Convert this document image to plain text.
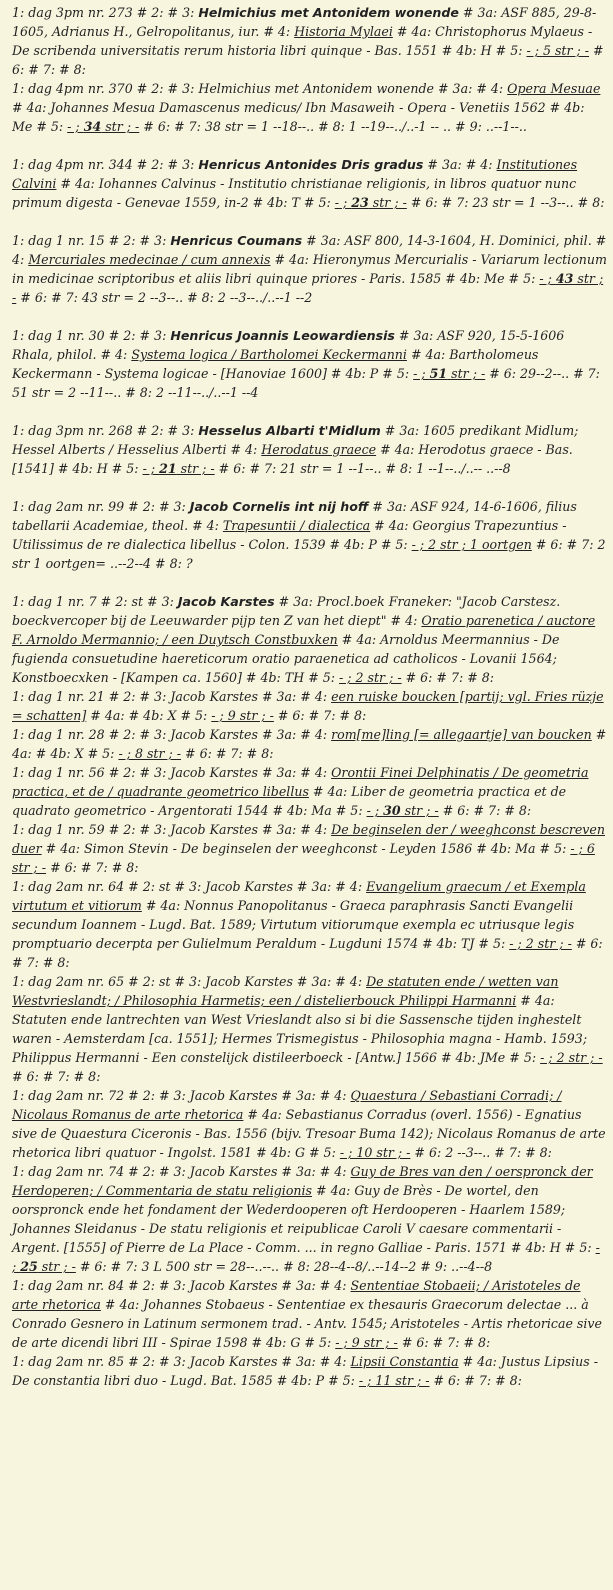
1: dag 3pm nr. 273 # 2: # 3: Helmichius met Antonidem wonende # 3a: ASF 885, 29-8-1605, Adrianus H., Gelropolitanus, iur. # 4: Historia Mylaei # 4a: Christophorus Mylaeus - De scribenda universitatis rerum historia libri quinque - Bas. 1551 # 4b: H # 5: - ; 5 str ; - # 6: # 7: # 8:

1: dag 4pm nr. 370 # 2: # 3: Helmichius met Antonidem wonende # 3a: # 4: Opera Mesuae # 4a: Johannes Mesua Damascenus medicus/ Ibn Masaweih - Opera - Venetiis 1562 # 4b: Me # 5: - ; 34 str ; - # 6: # 7: 38 str = 1 --18--.. # 8: 1 --19--../..-1 -- .. # 9: ..--1--..

1: dag 4pm nr. 344 # 2: # 3: Henricus Antonides Dris gradus # 3a: # 4: Institutiones Calvini # 4a: Iohannes Calvinus - Institutio christianae religionis, in libros quatuor nunc primum digesta - Genevae 1559, in-2 # 4b: T # 5: - ; 23 str ; - # 6: # 7: 23 str = 1 --3--.. # 8:

1: dag 1 nr. 15 # 2: # 3: Henricus Coumans # 3a: ASF 800, 14-3-1604, H. Dominici, phil. # 4: Mercuriales medecinae / cum annexis # 4a: Hieronymus Mercurialis - Variarum lectionum in medicinae scriptoribus et aliis libri quinque priores - Paris. 1585 # 4b: Me # 5: - ; 43 str ; - # 6: # 7: 43 str = 2 --3--.. # 8: 2 --3--../..--1 --2

1: dag 1 nr. 30 # 2: # 3: Henricus Joannis Leowardiensis # 3a: ASF 920, 15-5-1606 Rhala, philol. # 4: Systema logica / Bartholomei Keckermanni # 4a: Bartholomeus Keckermann - Systema logicae - [Hanoviae 1600] # 4b: P # 5: - ; 51 str ; - # 6: 29--2--.. # 7: 51 str = 2 --11--.. # 8: 2 --11--../..--1 --4

1: dag 3pm nr. 268 # 2: # 3: Hesselus Albarti t'Midlum # 3a: 1605 predikant Midlum; Hessel Alberts / Hesselius Alberti # 4: Herodatus graece # 4a: Herodotus graece - Bas. [1541] # 4b: H # 5: - ; 21 str ; - # 6: # 7: 21 str = 1 --1--.. # 8: 1 --1--../..-- ..--8

1: dag 2am nr. 99 # 2: # 3: Jacob Cornelis int nij hoff # 3a: ASF 924, 14-6-1606, filius tabellarii Academiae, theol. # 4: Trapesuntii / dialectica # 4a: Georgius Trapezuntius - Utilissimus de re dialectica libellus - Colon. 1539 # 4b: P # 5: - ; 2 str ; 1 oortgen # 6: # 7: 2 str 1 oortgen= ..--2--4 # 8: ?

1: dag 1 nr. 7 # 2: st # 3: Jacob Karstes # 3a: Procl.boek Franeker: "Jacob Carstesz. boeckvercoper bij de Leeuwarder pijp ten Z van het diept" # 4: Oratio parenetica / auctore F. Arnoldo Mermannio; / een Duytsch Constbuxken # 4a: Arnoldus Meermannius - De fugienda consuetudine haereticorum oratio paraenetica ad catholicos - Lovanii 1564; Konstboecxken - [Kampen ca. 1560] # 4b: TH # 5: - ; 2 str ; - # 6: # 7: # 8:

1: dag 1 nr. 21 # 2: # 3: Jacob Karstes # 3a: # 4: een ruiske boucken [partij; vgl. Fries rüzje = schatten] # 4a: # 4b: X # 5: - ; 9 str ; - # 6: # 7: # 8:

1: dag 1 nr. 28 # 2: # 3: Jacob Karstes # 3a: # 4: rom[me]ling [= allegaartje] van boucken # 4a: # 4b: X # 5: - ; 8 str ; - # 6: # 7: # 8:

1: dag 1 nr. 56 # 2: # 3: Jacob Karstes # 3a: # 4: Orontii Finei Delphinatis / De geometria practica, et de / quadrante geometrico libellus # 4a: Liber de geometria practica et de quadrato geometrico - Argentorati 1544 # 4b: Ma # 5: - ; 30 str ; - # 6: # 7: # 8:

1: dag 1 nr. 59 # 2: # 3: Jacob Karstes # 3a: # 4: De beginselen der / weeghconst bescreven duer # 4a: Simon Stevin - De beginselen der weeghconst - Leyden 1586 # 4b: Ma # 5: - ; 6 str ; - # 6: # 7: # 8:

1: dag 2am nr. 64 # 2: st # 3: Jacob Karstes # 3a: # 4: Evangelium graecum / et Exempla virtutum et vitiorum # 4a: Nonnus Panopolitanus - Graeca paraphrasis Sancti Evangelii secundum Ioannem - Lugd. Bat. 1589; Virtutum vitiorumque exempla ec utriusque legis promptuario decerpta per Gulielmum Peraldum - Lugduni 1574 # 4b: TJ # 5: - ; 2 str ; - # 6: # 7: # 8:

1: dag 2am nr. 65 # 2: st # 3: Jacob Karstes # 3a: # 4: De statuten ende / wetten van Westvrieslandt; / Philosophia Harmetis; een / distelierbouck Philippi Harmanni # 4a: Statuten ende lantrechten van West Vrieslandt also si bi die Sassensche tijden inghestelt waren - Aemsterdam [ca. 1551]; Hermes Trismegistus - Philosophia magna - Hamb. 1593; Philippus Hermanni - Een constelijck distileerboeck - [Antw.] 1566 # 4b: JMe # 5: - ; 2 str ; - # 6: # 7: # 8:

1: dag 2am nr. 72 # 2: # 3: Jacob Karstes # 3a: # 4: Quaestura / Sebastiani Corradi; / Nicolaus Romanus de arte rhetorica # 4a: Sebastianus Corradus (overl. 1556) - Egnatius sive de Quaestura Ciceronis - Bas. 1556 (bijv. Tresoar Buma 142); Nicolaus Romanus de arte rhetorica libri quatuor - Ingolst. 1581 # 4b: G # 5: - ; 10 str ; - # 6: 2 --3--.. # 7: # 8:

1: dag 2am nr. 74 # 2: # 3: Jacob Karstes # 3a: # 4: Guy de Bres van den / oerspronck der Herdoperen; / Commentaria de statu religionis # 4a: Guy de Brès - De wortel, den oorspronck ende het fondament der Wederdooperen oft Herdooperen - Haarlem 1589; Johannes Sleidanus - De statu religionis et reipublicae Caroli V caesare commentarii - Argent. [1555] of Pierre de La Place - Comm. ... in regno Galliae - Paris. 1571 # 4b: H # 5: - ; 25 str ; - # 6: # 7: 3 L 500 str = 28--..--.. # 8: 28--4--8/..--14--2 # 9: ..--4--8

1: dag 2am nr. 84 # 2: # 3: Jacob Karstes # 3a: # 4: Sententiae Stobaeii; / Aristoteles de arte rhetorica # 4a: Johannes Stobaeus - Sententiae ex thesauris Graecorum delectae ... à Conrado Gesnero in Latinum sermonem trad. - Antv. 1545; Aristoteles - Artis rhetoricae sive de arte dicendi libri III - Spirae 1598 # 4b: G # 5: - ; 9 str ; - # 6: # 7: # 8:

1: dag 2am nr. 85 # 2: # 3: Jacob Karstes # 3a: # 4: Lipsii Constantia # 4a: Justus Lipsius - De constantia libri duo - Lugd. Bat. 1585 # 4b: P # 5: - ; 11 str ; - # 6: # 7: # 8:
